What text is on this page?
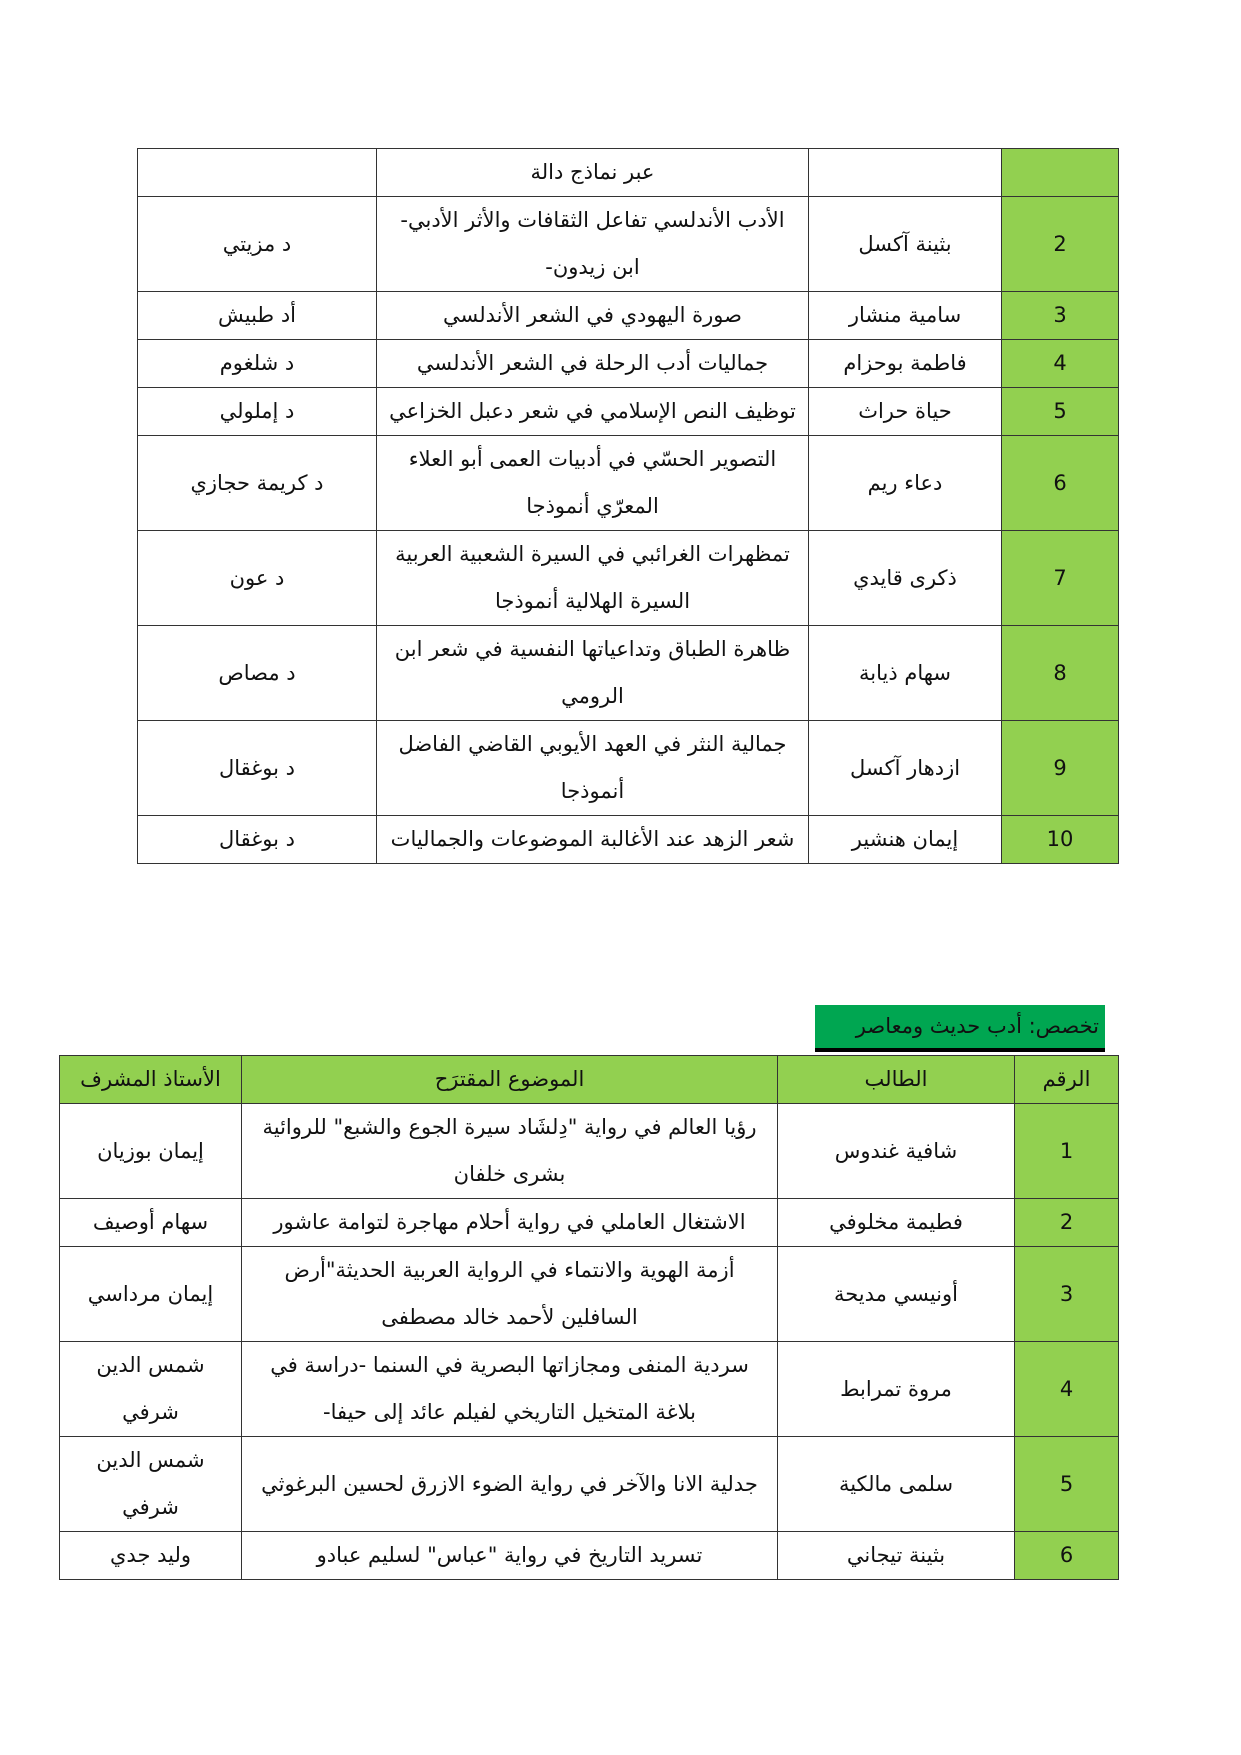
		عبر نماذج دالة	
2	بثينة آكسل	الأدب الأندلسي تفاعل الثقافات والأثر الأدبي-ابن زيدون-	د مزيتي
3	سامية منشار	صورة اليهودي في الشعر الأندلسي	أد طبيش
4	فاطمة بوحزام	جماليات أدب الرحلة في الشعر الأندلسي	د شلغوم
5	حياة حراث	توظيف النص الإسلامي في شعر دعبل الخزاعي	د إملولي
6	دعاء ريم	التصوير الحسّي في أدبيات العمى أبو العلاء المعرّي أنموذجا	د كريمة حجازي
7	ذكرى قايدي	تمظهرات الغرائبي في السيرة الشعبية العربية السيرة الهلالية أنموذجا	د عون
8	سهام ذيابة	ظاهرة الطباق وتداعياتها النفسية في شعر ابن الرومي	د مصاص
9	ازدهار آكسل	جمالية النثر في العهد الأيوبي القاضي الفاضل أنموذجا	د بوغقال
10	إيمان هنشير	شعر الزهد عند الأغالبة الموضوعات والجماليات	د بوغقال
تخصص: أدب حديث ومعاصر
الرقم	الطالب	الموضوع المقترَح	الأستاذ المشرف
1	شافية غندوس	رؤيا العالم في رواية "دِلشَاد سيرة الجوع والشبع" للروائية بشرى خلفان	إيمان بوزيان
2	فطيمة مخلوفي	الاشتغال العاملي في رواية أحلام مهاجرة لتوامة عاشور	سهام أوصيف
3	أونيسي مديحة	أزمة الهوية والانتماء في الرواية العربية الحديثة"أرض السافلين لأحمد خالد مصطفى	إيمان مرداسي
4	مروة تمرابط	سردية المنفى ومجازاتها البصرية في السنما -دراسة في بلاغة المتخيل التاريخي لفيلم عائد إلى حيفا-	شمس الدين شرفي
5	سلمى مالكية	جدلية الانا والآخر في رواية الضوء الازرق لحسين البرغوثي	شمس الدين شرفي
6	بثينة تيجاني	تسريد التاريخ في رواية "عباس" لسليم عبادو	وليد جدي
